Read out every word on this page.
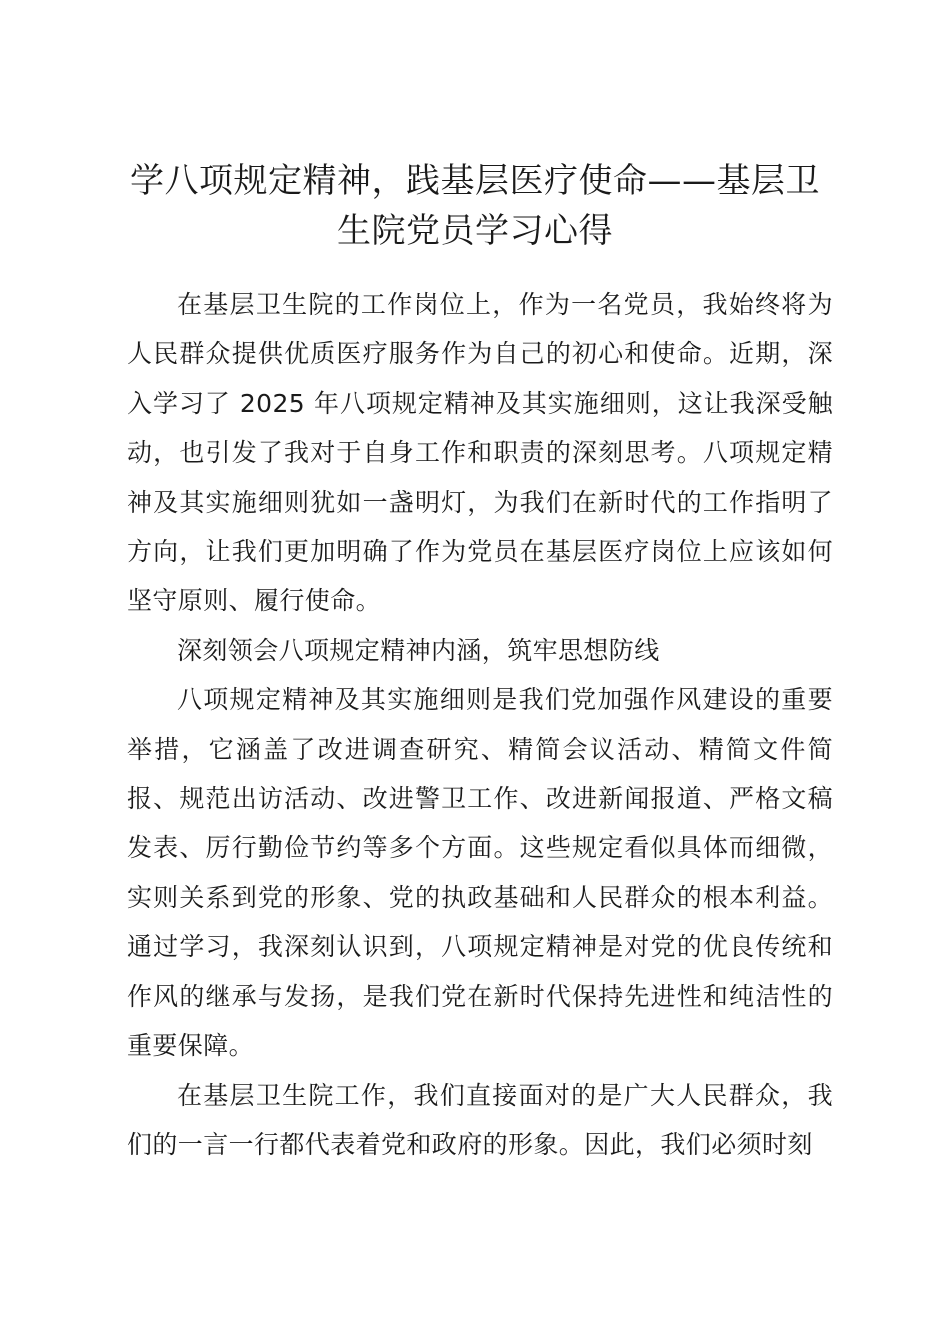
学八项规定精神，践基层医疗使命——基层卫生院党员学习心得

在基层卫生院的工作岗位上，作为一名党员，我始终将为人民群众提供优质医疗服务作为自己的初心和使命。近期，深入学习了 2025 年八项规定精神及其实施细则，这让我深受触动，也引发了我对于自身工作和职责的深刻思考。八项规定精神及其实施细则犹如一盏明灯，为我们在新时代的工作指明了方向，让我们更加明确了作为党员在基层医疗岗位上应该如何坚守原则、履行使命。

深刻领会八项规定精神内涵，筑牢思想防线

八项规定精神及其实施细则是我们党加强作风建设的重要举措，它涵盖了改进调查研究、精简会议活动、精简文件简报、规范出访活动、改进警卫工作、改进新闻报道、严格文稿发表、厉行勤俭节约等多个方面。这些规定看似具体而细微，实则关系到党的形象、党的执政基础和人民群众的根本利益。通过学习，我深刻认识到，八项规定精神是对党的优良传统和作风的继承与发扬，是我们党在新时代保持先进性和纯洁性的重要保障。

在基层卫生院工作，我们直接面对的是广大人民群众，我们的一言一行都代表着党和政府的形象。因此，我们必须时刻
